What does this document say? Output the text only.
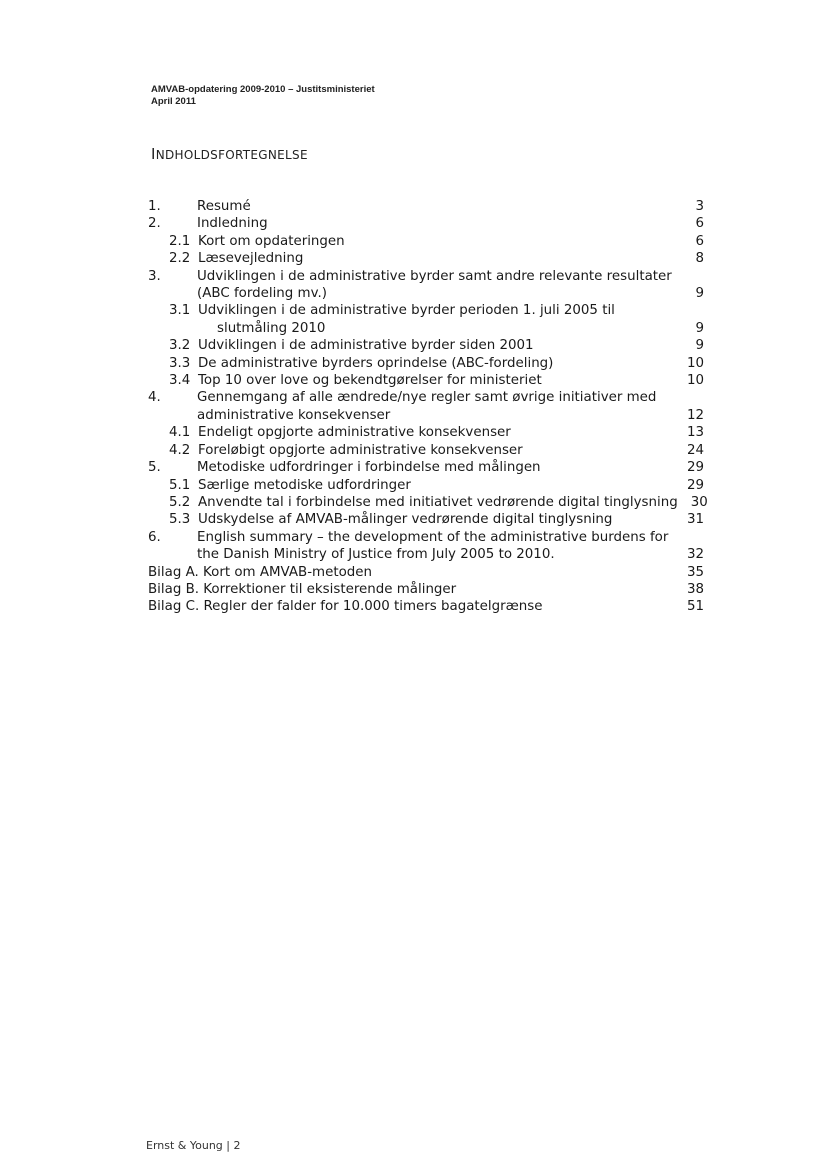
AMVAB-opdatering 2009-2010 – Justitsministeriet
April 2011
INDHOLDSFORTEGNELSE
1.	Resumé	3
2.	Indledning	6
2.1 Kort om opdateringen	6
2.2 Læsevejledning	8
3.	Udviklingen i de administrative byrder samt andre relevante resultater
(ABC fordeling mv.)	9
3.1 Udviklingen i de administrative byrder perioden 1. juli 2005 til
slutmåling 2010	9
3.2 Udviklingen i de administrative byrder siden 2001	9
3.3 De administrative byrders oprindelse (ABC-fordeling)	10
3.4 Top 10 over love og bekendtgørelser for ministeriet	10
4.	Gennemgang af alle ændrede/nye regler samt øvrige initiativer med
administrative konsekvenser	12
4.1 Endeligt opgjorte administrative konsekvenser	13
4.2 Foreløbigt opgjorte administrative konsekvenser	24
5.	Metodiske udfordringer i forbindelse med målingen	29
5.1 Særlige metodiske udfordringer	29
5.2 Anvendte tal i forbindelse med initiativet vedrørende digital tinglysning 30
5.3 Udskydelse af AMVAB-målinger vedrørende digital tinglysning	31
6.	English summary – the development of the administrative burdens for
the Danish Ministry of Justice from July 2005 to 2010.	32
Bilag A. Kort om AMVAB-metoden	35
Bilag B. Korrektioner til eksisterende målinger	38
Bilag C. Regler der falder for 10.000 timers bagatelgrænse	51
Ernst & Young | 2
